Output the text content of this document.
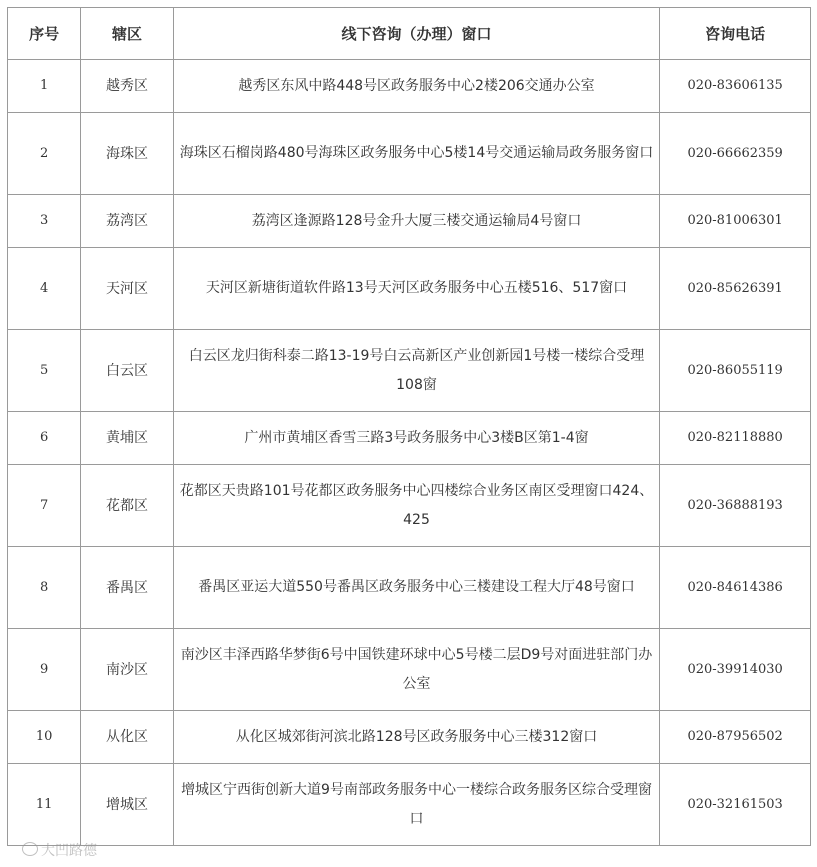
序号	辖区	线下咨询（办理）窗口	咨询电话
1	越秀区	越秀区东风中路448号区政务服务中心2楼206交通办公室	020-83606135
2	海珠区	海珠区石榴岗路480号海珠区政务服务中心5楼14号交通运输局政务服务窗口	020-66662359
3	荔湾区	荔湾区逢源路128号金升大厦三楼交通运输局4号窗口	020-81006301
4	天河区	天河区新塘街道软件路13号天河区政务服务中心五楼516、517窗口	020-85626391
5	白云区	白云区龙归街科泰二路13-19号白云高新区产业创新园1号楼一楼综合受理108窗	020-86055119
6	黄埔区	广州市黄埔区香雪三路3号政务服务中心3楼B区第1-4窗	020-82118880
7	花都区	花都区天贵路101号花都区政务服务中心四楼综合业务区南区受理窗口424、425	020-36888193
8	番禺区	番禺区亚运大道550号番禺区政务服务中心三楼建设工程大厅48号窗口	020-84614386
9	南沙区	南沙区丰泽西路华梦街6号中国铁建环球中心5号楼二层D9号对面进驻部门办公室	020-39914030
10	从化区	从化区城郊街河滨北路128号区政务服务中心三楼312窗口	020-87956502
11	增城区	增城区宁西街创新大道9号南部政务服务中心一楼综合政务服务区综合受理窗口	020-32161503
大凹路德
